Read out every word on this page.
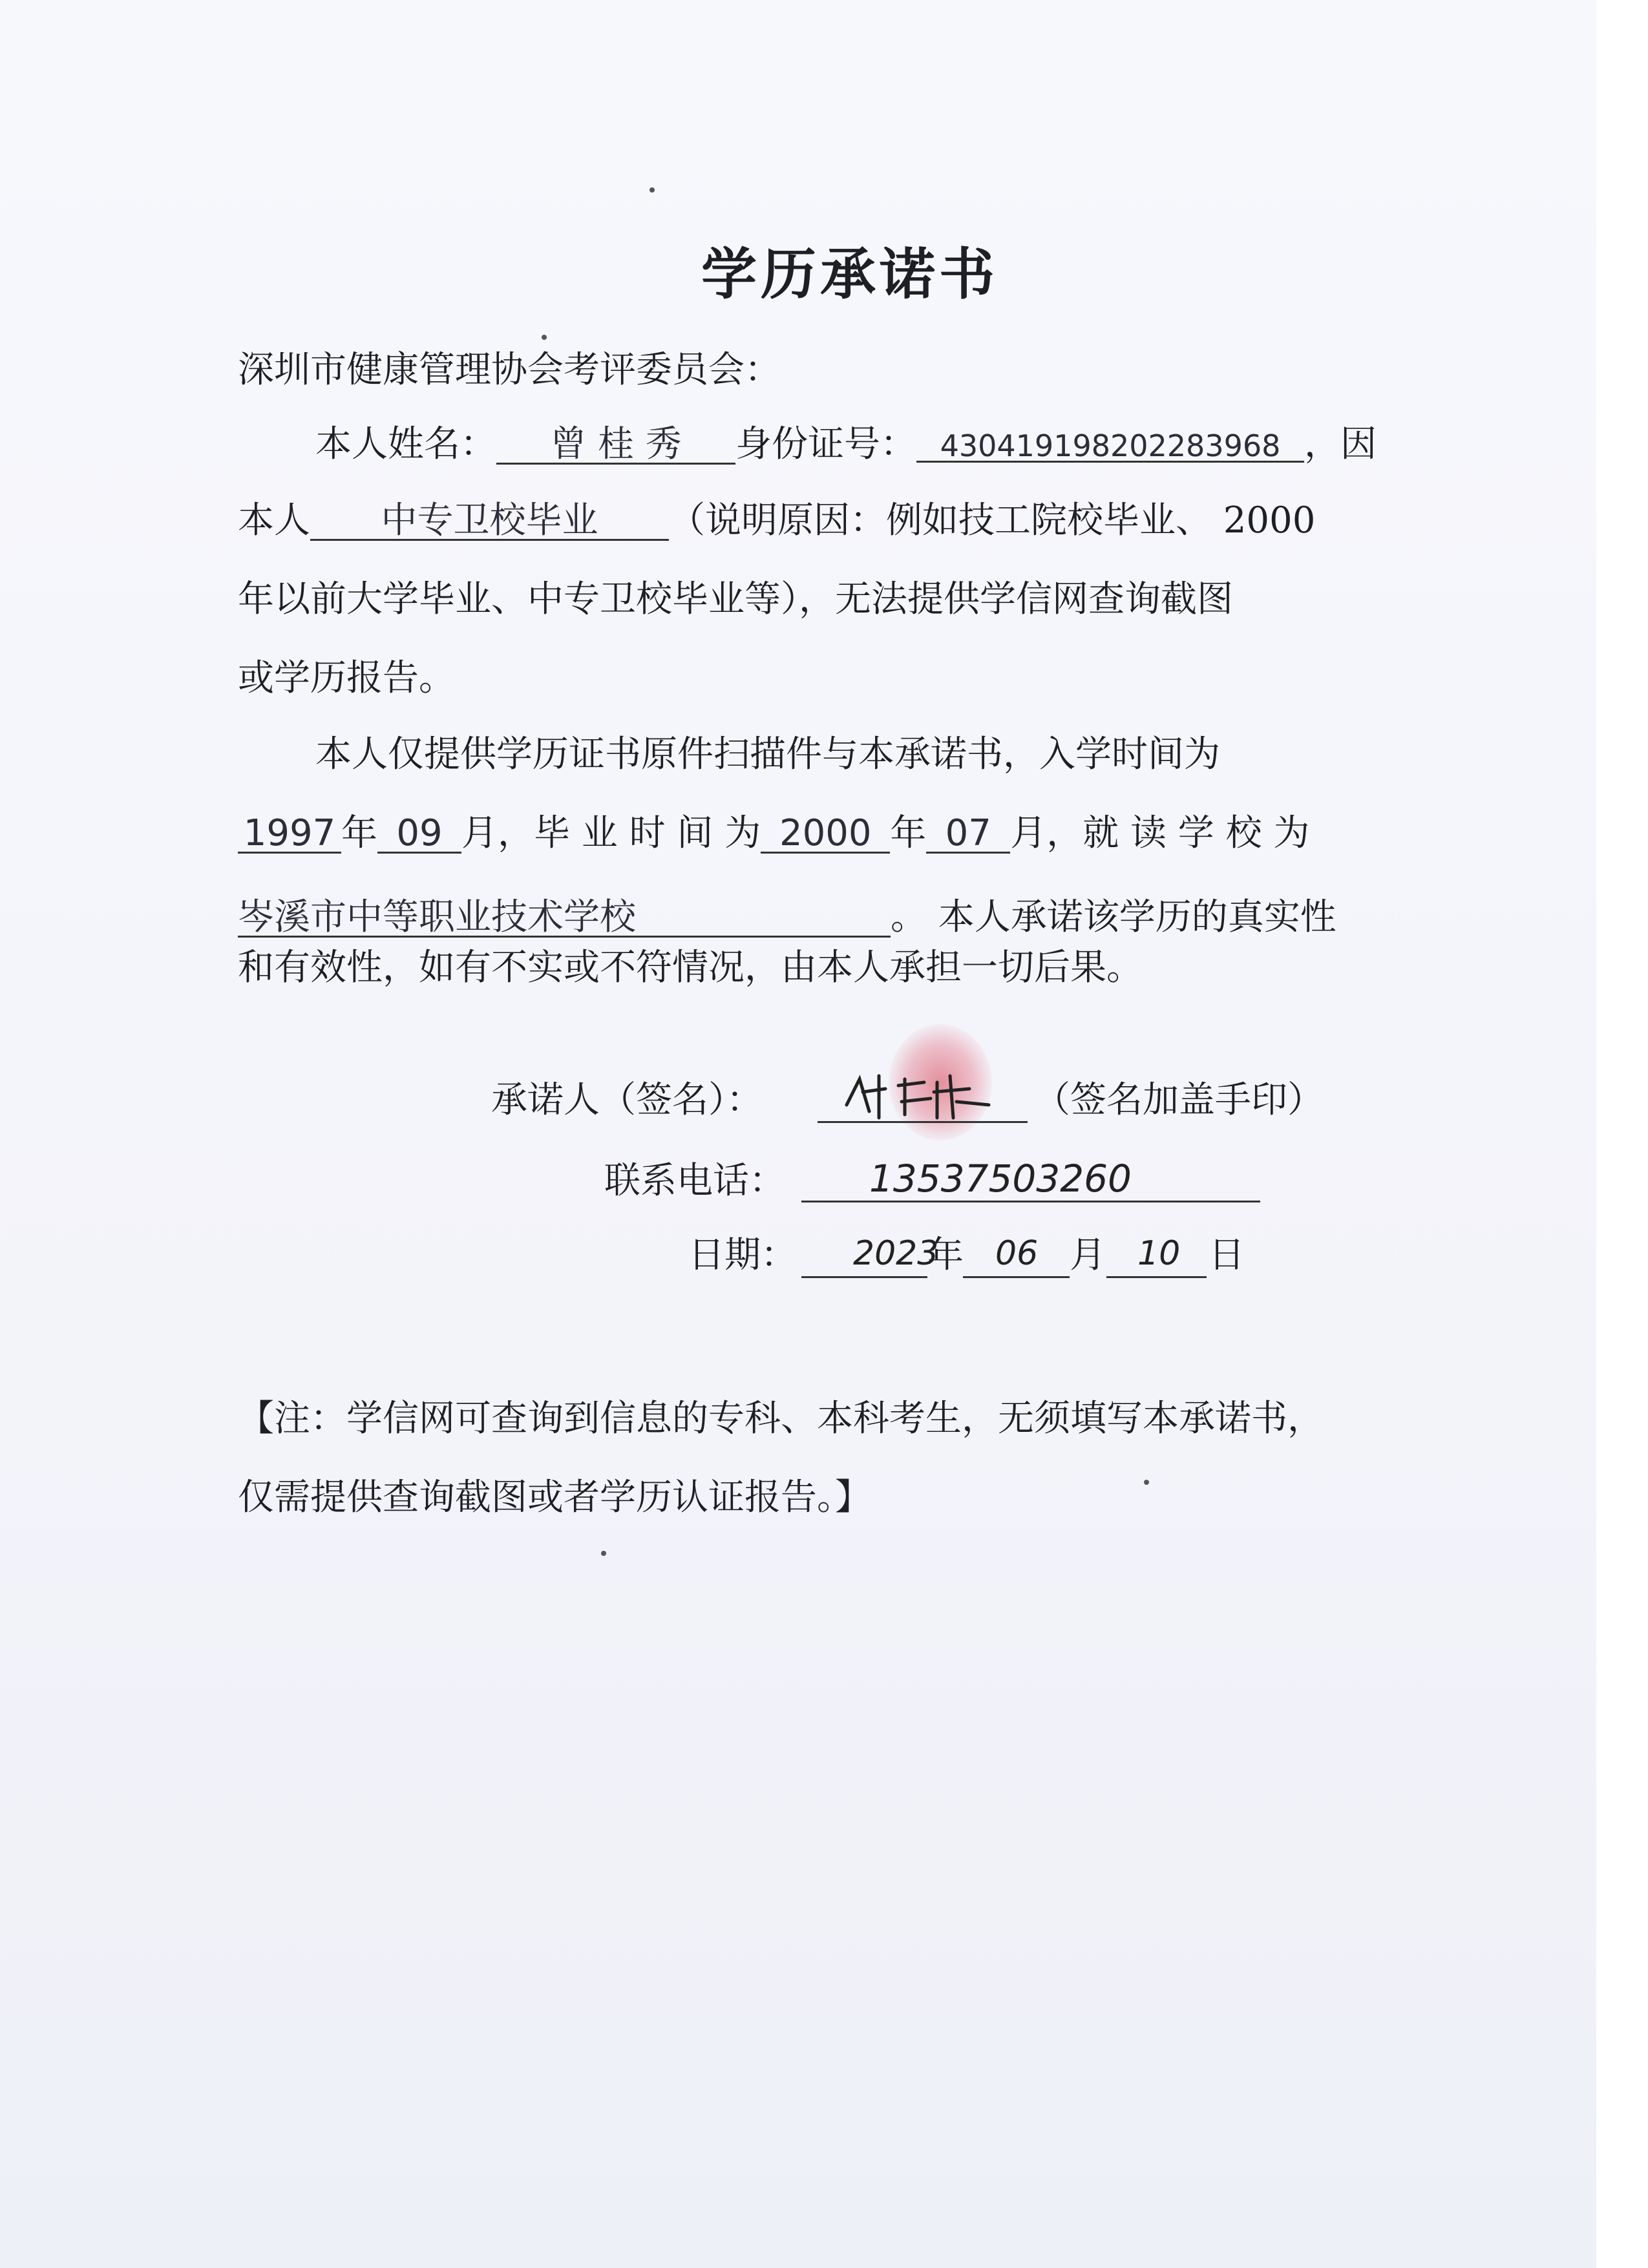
学历承诺书
深圳市健康管理协会考评委员会：
本人姓名： 曾 桂 秀 身份证号： 430419198202283968 ，因
本人 中专卫校毕业 （说明原因：例如技工院校毕业、 2000
年以前大学毕业、中专卫校毕业等），无法提供学信网查询截图
或学历报告。
本人仅提供学历证书原件扫描件与本承诺书，入学时间为
1997 年 09 月，毕 业 时 间 为 2000 年 07 月，就 读 学 校 为
岑溪市中等职业技术学校	。 本人承诺该学历的真实性
和有效性，如有不实或不符情况，由本人承担一切后果。
承诺人（签名）：	（签名加盖手印）
联系电话： 13537503260
日期： 2023
年 06 月 10 日
【注：学信网可查询到信息的专科、本科考生，无须填写本承诺书，
仅需提供查询截图或者学历认证报告。】
